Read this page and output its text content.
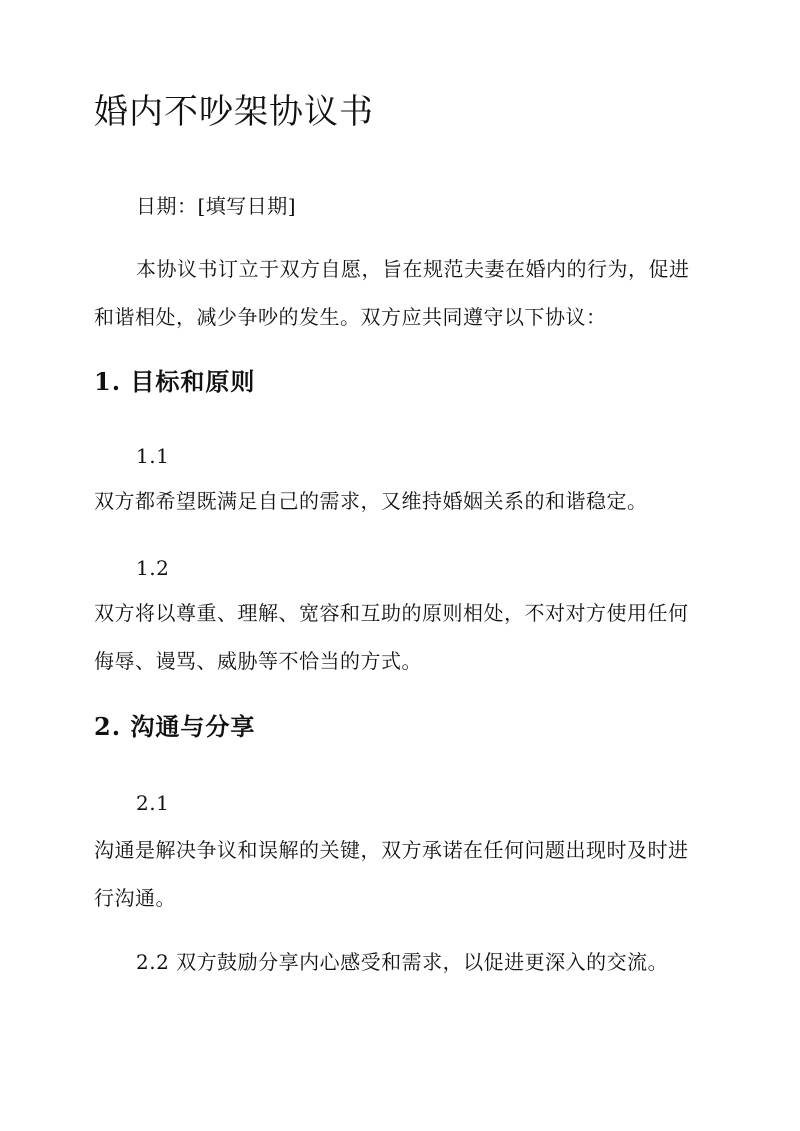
婚内不吵架协议书

日期：[填写日期]

本协议书订立于双方自愿，旨在规范夫妻在婚内的行为，促进

和谐相处，减少争吵的发生。双方应共同遵守以下协议：

1. 目标和原则

1.1

双方都希望既满足自己的需求，又维持婚姻关系的和谐稳定。

1.2

双方将以尊重、理解、宽容和互助的原则相处，不对对方使用任何

侮辱、谩骂、威胁等不恰当的方式。

2. 沟通与分享

2.1

沟通是解决争议和误解的关键，双方承诺在任何问题出现时及时进

行沟通。

2.2 双方鼓励分享内心感受和需求，以促进更深入的交流。
